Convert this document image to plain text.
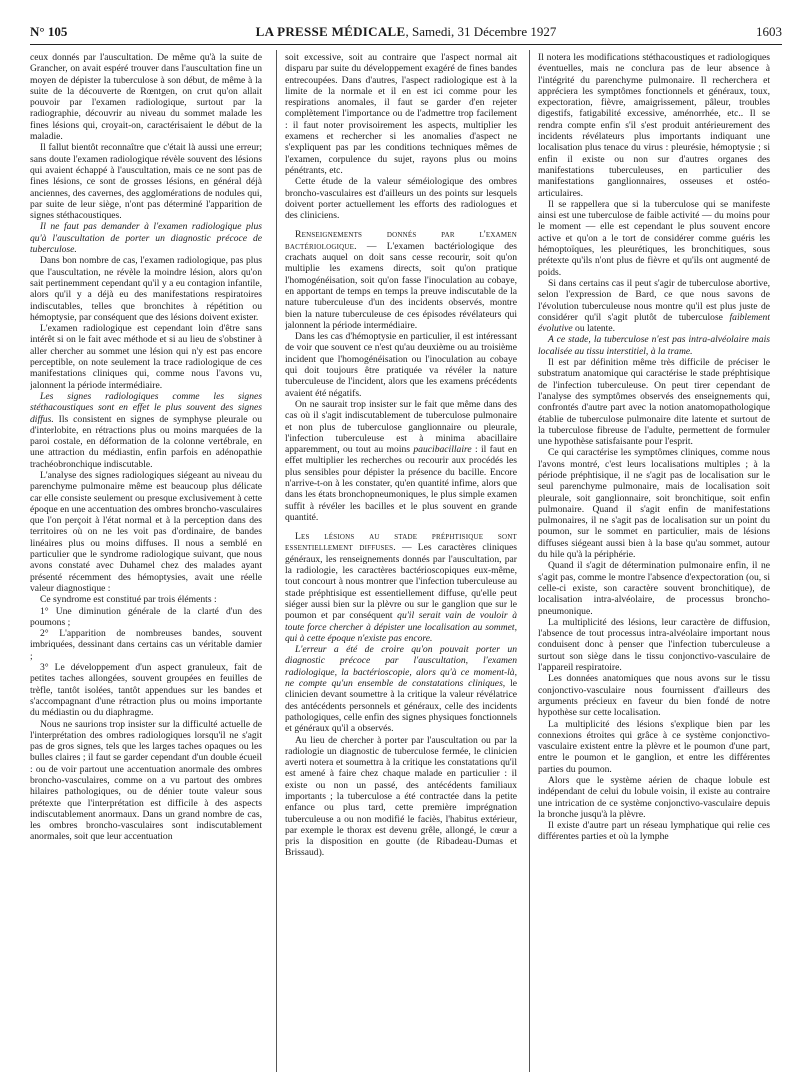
N° 105	LA PRESSE MÉDICALE, Samedi, 31 Décembre 1927	1603

ceux donnés par l'auscultation. De même qu'à la suite de Grancher, on avait espéré trouver dans l'auscultation fine un moyen de dépister la tuberculose à son début, de même à la suite de la découverte de Rœntgen, on crut qu'on allait pouvoir par l'examen radiologique, surtout par la radiographie, découvrir au niveau du sommet malade les fines lésions qui, croyait-on, caractérisaient le début de la maladie.

Il fallut bientôt reconnaître que c'était là aussi une erreur; sans doute l'examen radiologique révèle souvent des lésions qui avaient échappé à l'auscultation, mais ce ne sont pas de fines lésions, ce sont de grosses lésions, en général déjà anciennes, des cavernes, des agglomérations de nodules qui, par suite de leur siège, n'ont pas déterminé l'apparition de signes stéthacoustiques.

Il ne faut pas demander à l'examen radiologique plus qu'à l'auscultation de porter un diagnostic précoce de tuberculose.

Dans bon nombre de cas, l'examen radiologique, pas plus que l'auscultation, ne révèle la moindre lésion, alors qu'on sait pertinemment cependant qu'il y a eu contagion infantile, alors qu'il y a déjà eu des manifestations respiratoires indiscutables, telles que bronchites à répétition ou hémoptysie, par conséquent que des lésions doivent exister.

L'examen radiologique est cependant loin d'être sans intérêt si on le fait avec méthode et si au lieu de s'obstiner à aller chercher au sommet une lésion qui n'y est pas encore perceptible, on note seulement la trace radiologique de ces manifestations cliniques qui, comme nous l'avons vu, jalonnent la période intermédiaire.

Les signes radiologiques comme les signes stéthacoustiques sont en effet le plus souvent des signes diffus. Ils consistent en signes de symphyse pleurale ou d'interlobite, en rétractions plus ou moins marquées de la paroi costale, en déformation de la colonne vertébrale, en une attraction du médiastin, enfin parfois en adénopathie trachéobronchique indiscutable.

L'analyse des signes radiologiques siégeant au niveau du parenchyme pulmonaire même est beaucoup plus délicate car elle consiste seulement ou presque exclusivement à cette époque en une accentuation des ombres broncho-vasculaires que l'on perçoit à l'état normal et à la perception dans des territoires où on ne les voit pas d'ordinaire, de bandes linéaires plus ou moins diffuses. Il nous a semblé en particulier que le syndrome radiologique suivant, que nous avons constaté avec Duhamel chez des malades ayant présenté récemment des hémoptysies, avait une réelle valeur diagnostique :

Ce syndrome est constitué par trois éléments :

1° Une diminution générale de la clarté d'un des poumons ;

2° L'apparition de nombreuses bandes, souvent imbriquées, dessinant dans certains cas un véritable damier ;

3° Le développement d'un aspect granuleux, fait de petites taches allongées, souvent groupées en feuilles de trèfle, tantôt isolées, tantôt appendues sur les bandes et s'accompagnant d'une rétraction plus ou moins importante du médiastin ou du diaphragme.

Nous ne saurions trop insister sur la difficulté actuelle de l'interprétation des ombres radiologiques lorsqu'il ne s'agit pas de gros signes, tels que les larges taches opaques ou les bulles claires ; il faut se garder cependant d'un double écueil : ou de voir partout une accentuation anormale des ombres broncho-vasculaires, comme on a vu partout des ombres hilaires pathologiques, ou de dénier toute valeur sous prétexte que l'interprétation est difficile à des aspects indiscutablement anormaux. Dans un grand nombre de cas, les ombres broncho-vasculaires sont indiscutablement anormales, soit que leur accentuation

soit excessive, soit au contraire que l'aspect normal ait disparu par suite du développement exagéré de fines bandes entrecoupées. Dans d'autres, l'aspect radiologique est à la limite de la normale et il en est ici comme pour les respirations anomales, il faut se garder d'en rejeter complètement l'importance ou de l'admettre trop facilement : il faut noter provisoirement les aspects, multiplier les examens et rechercher si les anomalies d'aspect ne s'expliquent pas par les conditions techniques mêmes de l'examen, corpulence du sujet, rayons plus ou moins pénétrants, etc.

Cette étude de la valeur séméiologique des ombres broncho-vasculaires est d'ailleurs un des points sur lesquels doivent porter actuellement les efforts des radiologues et des cliniciens.

Renseignements donnés par l'examen bactériologique. — L'examen bactériologique des crachats auquel on doit sans cesse recourir, soit qu'on multiplie les examens directs, soit qu'on pratique l'homogénéisation, soit qu'on fasse l'inoculation au cobaye, en apportant de temps en temps la preuve indiscutable de la nature tuberculeuse d'un des incidents observés, montre bien la nature tuberculeuse de ces épisodes révélateurs qui jalonnent la période intermédiaire.

Dans les cas d'hémoptysie en particulier, il est intéressant de voir que souvent ce n'est qu'au deuxième ou au troisième incident que l'homogénéisation ou l'inoculation au cobaye qui doit toujours être pratiquée va révéler la nature tuberculeuse de l'incident, alors que les examens précédents avaient été négatifs.

On ne saurait trop insister sur le fait que même dans des cas où il s'agit indiscutablement de tuberculose pulmonaire et non plus de tuberculose ganglionnaire ou pleurale, l'infection tuberculeuse est à minima abacillaire apparemment, ou tout au moins paucibacillaire : il faut en effet multiplier les recherches ou recourir aux procédés les plus sensibles pour dépister la présence du bacille. Encore n'arrive-t-on à les constater, qu'en quantité infime, alors que dans les états bronchopneumoniques, le plus simple examen suffit à révéler les bacilles et le plus souvent en grande quantité.

Les lésions au stade préphtisique sont essentiellement diffuses. — Les caractères cliniques généraux, les renseignements donnés par l'auscultation, par la radiologie, les caractères bactérioscopiques eux-même, tout concourt à nous montrer que l'infection tuberculeuse au stade préphtisique est essentiellement diffuse, qu'elle peut siéger aussi bien sur la plèvre ou sur le ganglion que sur le poumon et par conséquent qu'il serait vain de vouloir à toute force chercher à dépister une localisation au sommet, qui à cette époque n'existe pas encore.

L'erreur a été de croire qu'on pouvait porter un diagnostic précoce par l'auscultation, l'examen radiologique, la bactérioscopie, alors qu'à ce moment-là, ne compte qu'un ensemble de constatations cliniques, le clinicien devant soumettre à la critique la valeur révélatrice des antécédents personnels et généraux, celle des incidents pathologiques, celle enfin des signes physiques fonctionnels et généraux qu'il a observés.

Au lieu de chercher à porter par l'auscultation ou par la radiologie un diagnostic de tuberculose fermée, le clinicien averti notera et soumettra à la critique les constatations qu'il est amené à faire chez chaque malade en particulier : il existe ou non un passé, des antécédents familiaux importants ; la tuberculose a été contractée dans la petite enfance ou plus tard, cette première imprégnation tuberculeuse a ou non modifié le faciès, l'habitus extérieur, par exemple le thorax est devenu grêle, allongé, le cœur a pris la disposition en goutte (de Ribadeau-Dumas et Brissaud).

Il notera les modifications stéthacoustiques et radiologiques éventuelles, mais ne conclura pas de leur absence à l'intégrité du parenchyme pulmonaire. Il recherchera et appréciera les symptômes fonctionnels et généraux, toux, expectoration, fièvre, amaigrissement, pâleur, troubles digestifs, fatigabilité excessive, aménorrhée, etc.. Il se rendra compte enfin s'il s'est produit antérieurement des incidents révélateurs plus importants indiquant une localisation plus tenace du virus : pleurésie, hémoptysie ; si enfin il existe ou non sur d'autres organes des manifestations tuberculeuses, en particulier des manifestations ganglionnaires, osseuses et ostéo-articulaires.

Il se rappellera que si la tuberculose qui se manifeste ainsi est une tuberculose de faible activité — du moins pour le moment — elle est cependant le plus souvent encore active et qu'on a le tort de considérer comme guéris les hémoptoïques, les pleurétiques, les bronchitiques, sous prétexte qu'ils n'ont plus de fièvre et qu'ils ont augmenté de poids.

Si dans certains cas il peut s'agir de tuberculose abortive, selon l'expression de Bard, ce que nous savons de l'évolution tuberculeuse nous montre qu'il est plus juste de considérer qu'il s'agit plutôt de tuberculose faiblement évolutive ou latente.

A ce stade, la tuberculose n'est pas intra-alvéolaire mais localisée au tissu interstitiel, à la trame.

Il est par définition même très difficile de préciser le substratum anatomique qui caractérise le stade préphtisique de l'infection tuberculeuse. On peut tirer cependant de l'analyse des symptômes observés des enseignements qui, confrontés d'autre part avec la notion anatomopathologique établie de tuberculose pulmonaire dite latente et surtout de la tuberculose fibreuse de l'adulte, permettent de formuler une hypothèse satisfaisante pour l'esprit.

Ce qui caractérise les symptômes cliniques, comme nous l'avons montré, c'est leurs localisations multiples ; à la période préphtisique, il ne s'agit pas de localisation sur le seul parenchyme pulmonaire, mais de localisation soit pleurale, soit ganglionnaire, soit bronchitique, soit enfin pulmonaire. Quand il s'agit enfin de manifestations pulmonaires, il ne s'agit pas de localisation sur un point du poumon, sur le sommet en particulier, mais de lésions diffuses siégeant aussi bien à la base qu'au sommet, autour du hile qu'à la périphérie.

Quand il s'agit de détermination pulmonaire enfin, il ne s'agit pas, comme le montre l'absence d'expectoration (ou, si celle-ci existe, son caractère souvent bronchitique), de localisation intra-alvéolaire, de processus broncho-pneumonique.

La multiplicité des lésions, leur caractère de diffusion, l'absence de tout processus intra-alvéolaire important nous conduisent donc à penser que l'infection tuberculeuse a surtout son siège dans le tissu conjonctivo-vasculaire de l'appareil respiratoire.

Les données anatomiques que nous avons sur le tissu conjonctivo-vasculaire nous fournissent d'ailleurs des arguments précieux en faveur du bien fondé de notre hypothèse sur cette localisation.

La multiplicité des lésions s'explique bien par les connexions étroites qui grâce à ce système conjonctivo-vasculaire existent entre la plèvre et le poumon d'une part, entre le poumon et le ganglion, et entre les différentes parties du poumon.

Alors que le système aérien de chaque lobule est indépendant de celui du lobule voisin, il existe au contraire une intrication de ce système conjonctivo-vasculaire depuis la bronche jusqu'à la plèvre.

Il existe d'autre part un réseau lymphatique qui relie ces différentes parties et où la lymphe
